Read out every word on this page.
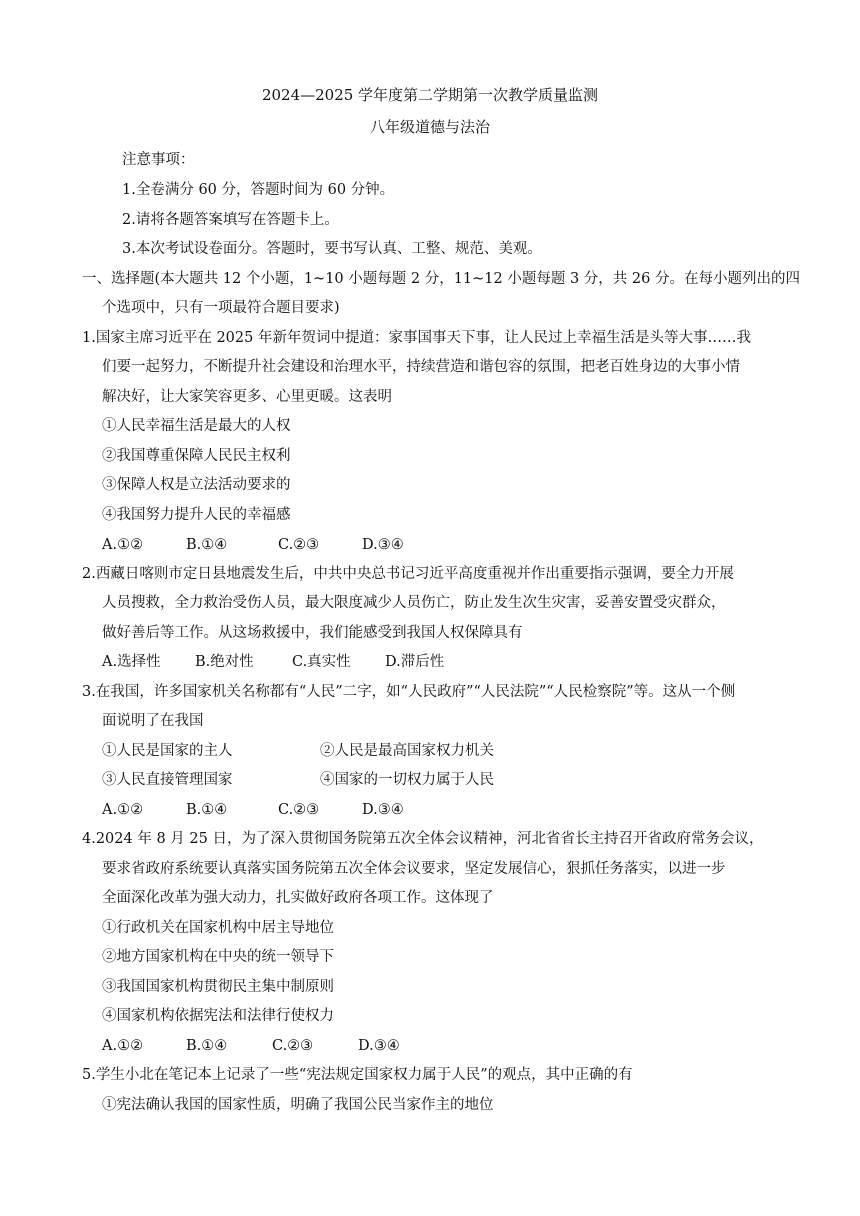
2024—2025 学年度第二学期第一次教学质量监测
八年级道德与法治
注意事项：
1.全卷满分 60 分，答题时间为 60 分钟。
2.请将各题答案填写在答题卡上。
3.本次考试设卷面分。答题时，要书写认真、工整、规范、美观。
一、选择题(本大题共 12 个小题，1~10 小题每题 2 分，11~12 小题每题 3 分，共 26 分。在每小题列出的四
个选项中，只有一项最符合题目要求)
1.国家主席习近平在 2025 年新年贺词中提道：家事国事天下事，让人民过上幸福生活是头等大事……我
们要一起努力，不断提升社会建设和治理水平，持续营造和谐包容的氛围，把老百姓身边的大事小情
解决好，让大家笑容更多、心里更暖。这表明
①人民幸福生活是最大的人权
②我国尊重保障人民民主权利
③保障人权是立法活动要求的
④我国努力提升人民的幸福感
A.①②	B.①④	C.②③	D.③④
2.西藏日喀则市定日县地震发生后，中共中央总书记习近平高度重视并作出重要指示强调，要全力开展
人员搜救，全力救治受伤人员，最大限度减少人员伤亡，防止发生次生灾害，妥善安置受灾群众，
做好善后等工作。从这场救援中，我们能感受到我国人权保障具有
A.选择性	B.绝对性	C.真实性	D.滞后性
3.在我国，许多国家机关名称都有“人民”二字，如“人民政府”“人民法院”“人民检察院”等。这从一个侧
面说明了在我国
①人民是国家的主人	②人民是最高国家权力机关
③人民直接管理国家	④国家的一切权力属于人民
A.①②	B.①④	C.②③	D.③④
4.2024 年 8 月 25 日，为了深入贯彻国务院第五次全体会议精神，河北省省长主持召开省政府常务会议，
要求省政府系统要认真落实国务院第五次全体会议要求，坚定发展信心，狠抓任务落实，以进一步
全面深化改革为强大动力，扎实做好政府各项工作。这体现了
①行政机关在国家机构中居主导地位
②地方国家机构在中央的统一领导下
③我国国家机构贯彻民主集中制原则
④国家机构依据宪法和法律行使权力
A.①②	B.①④	C.②③	D.③④
5.学生小北在笔记本上记录了一些“宪法规定国家权力属于人民”的观点，其中正确的有
①宪法确认我国的国家性质，明确了我国公民当家作主的地位
